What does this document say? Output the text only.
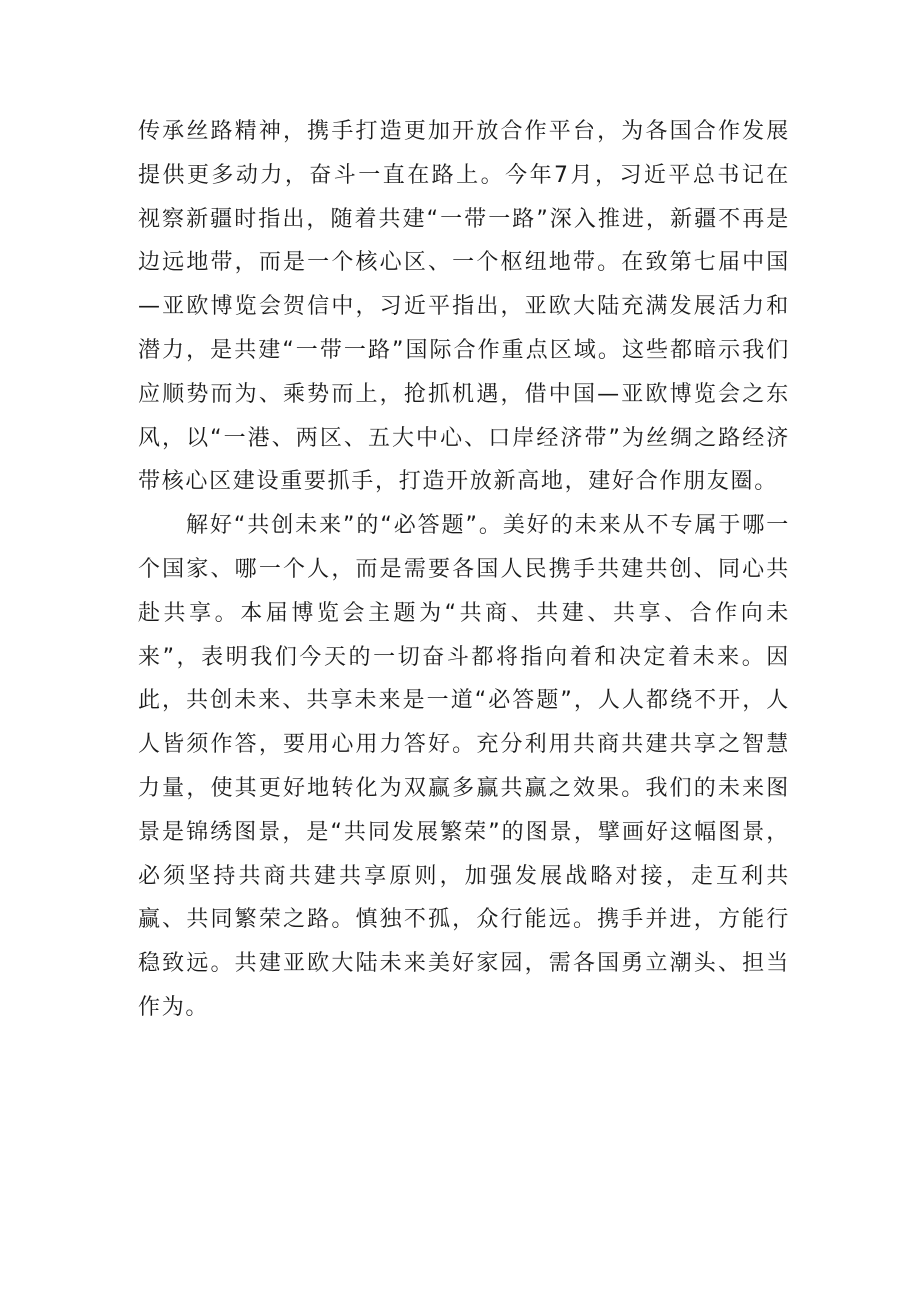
传承丝路精神，携手打造更加开放合作平台，为各国合作发展提供更多动力，奋斗一直在路上。今年7月，习近平总书记在视察新疆时指出，随着共建“一带一路”深入推进，新疆不再是边远地带，而是一个核心区、一个枢纽地带。在致第七届中国—亚欧博览会贺信中，习近平指出，亚欧大陆充满发展活力和潜力，是共建“一带一路”国际合作重点区域。这些都暗示我们应顺势而为、乘势而上，抢抓机遇，借中国—亚欧博览会之东风，以“一港、两区、五大中心、口岸经济带”为丝绸之路经济带核心区建设重要抓手，打造开放新高地，建好合作朋友圈。

解好“共创未来”的“必答题”。美好的未来从不专属于哪一个国家、哪一个人，而是需要各国人民携手共建共创、同心共赴共享。本届博览会主题为“共商、共建、共享、合作向未来”，表明我们今天的一切奋斗都将指向着和决定着未来。因此，共创未来、共享未来是一道“必答题”，人人都绕不开，人人皆须作答，要用心用力答好。充分利用共商共建共享之智慧力量，使其更好地转化为双赢多赢共赢之效果。我们的未来图景是锦绣图景，是“共同发展繁荣”的图景，擘画好这幅图景，必须坚持共商共建共享原则，加强发展战略对接，走互利共赢、共同繁荣之路。慎独不孤，众行能远。携手并进，方能行稳致远。共建亚欧大陆未来美好家园，需各国勇立潮头、担当作为。
